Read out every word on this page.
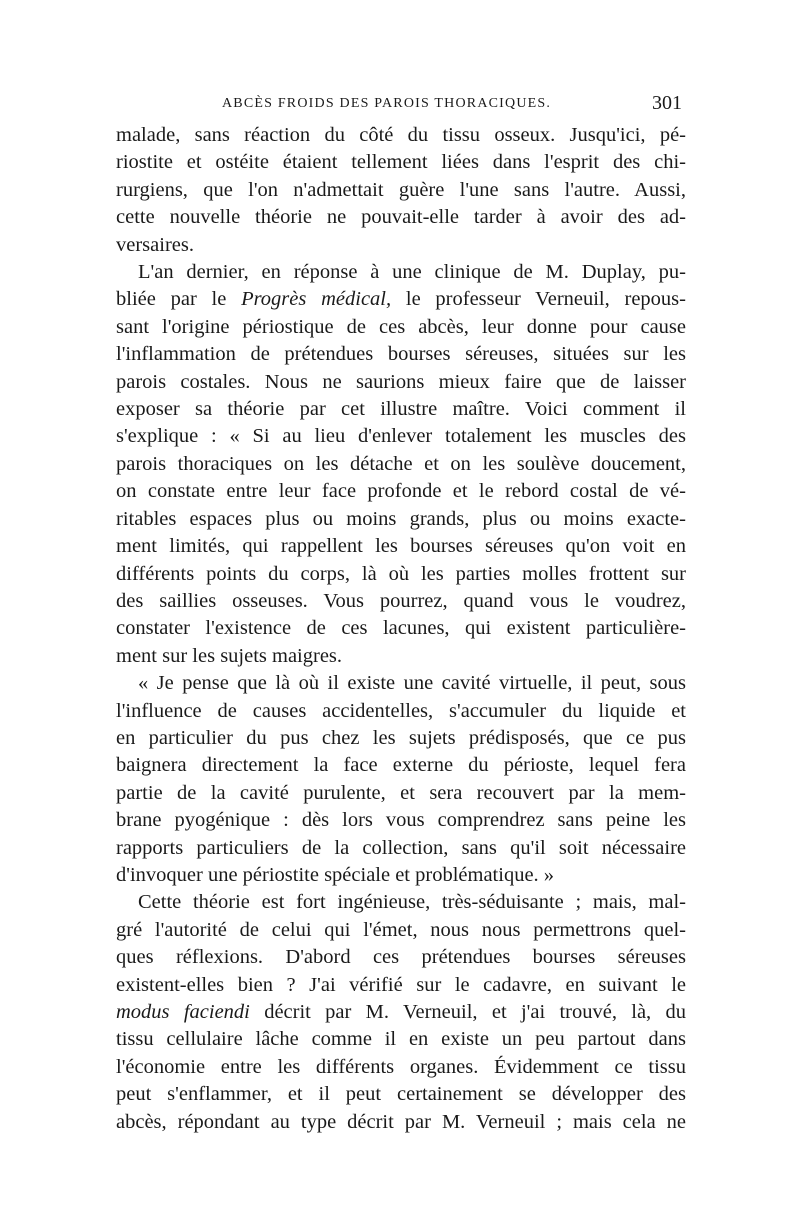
ABCÈS FROIDS DES PAROIS THORACIQUES.	301

malade, sans réaction du côté du tissu osseux. Jusqu'ici, pé-
riostite et ostéite étaient tellement liées dans l'esprit des chi-
rurgiens, que l'on n'admettait guère l'une sans l'autre. Aussi,
cette nouvelle théorie ne pouvait-elle tarder à avoir des ad-
versaires.

L'an dernier, en réponse à une clinique de M. Duplay, pu-
bliée par le Progrès médical, le professeur Verneuil, repous-
sant l'origine périostique de ces abcès, leur donne pour cause
l'inflammation de prétendues bourses séreuses, situées sur les
parois costales. Nous ne saurions mieux faire que de laisser
exposer sa théorie par cet illustre maître. Voici comment il
s'explique : « Si au lieu d'enlever totalement les muscles des
parois thoraciques on les détache et on les soulève doucement,
on constate entre leur face profonde et le rebord costal de vé-
ritables espaces plus ou moins grands, plus ou moins exacte-
ment limités, qui rappellent les bourses séreuses qu'on voit en
différents points du corps, là où les parties molles frottent sur
des saillies osseuses. Vous pourrez, quand vous le voudrez,
constater l'existence de ces lacunes, qui existent particulière-
ment sur les sujets maigres.

« Je pense que là où il existe une cavité virtuelle, il peut, sous
l'influence de causes accidentelles, s'accumuler du liquide et
en particulier du pus chez les sujets prédisposés, que ce pus
baignera directement la face externe du périoste, lequel fera
partie de la cavité purulente, et sera recouvert par la mem-
brane pyogénique : dès lors vous comprendrez sans peine les
rapports particuliers de la collection, sans qu'il soit nécessaire
d'invoquer une périostite spéciale et problématique. »

Cette théorie est fort ingénieuse, très-séduisante ; mais, mal-
gré l'autorité de celui qui l'émet, nous nous permettrons quel-
ques réflexions. D'abord ces prétendues bourses séreuses
existent-elles bien ? J'ai vérifié sur le cadavre, en suivant le
modus faciendi décrit par M. Verneuil, et j'ai trouvé, là, du
tissu cellulaire lâche comme il en existe un peu partout dans
l'économie entre les différents organes. Évidemment ce tissu
peut s'enflammer, et il peut certainement se développer des
abcès, répondant au type décrit par M. Verneuil ; mais cela ne
